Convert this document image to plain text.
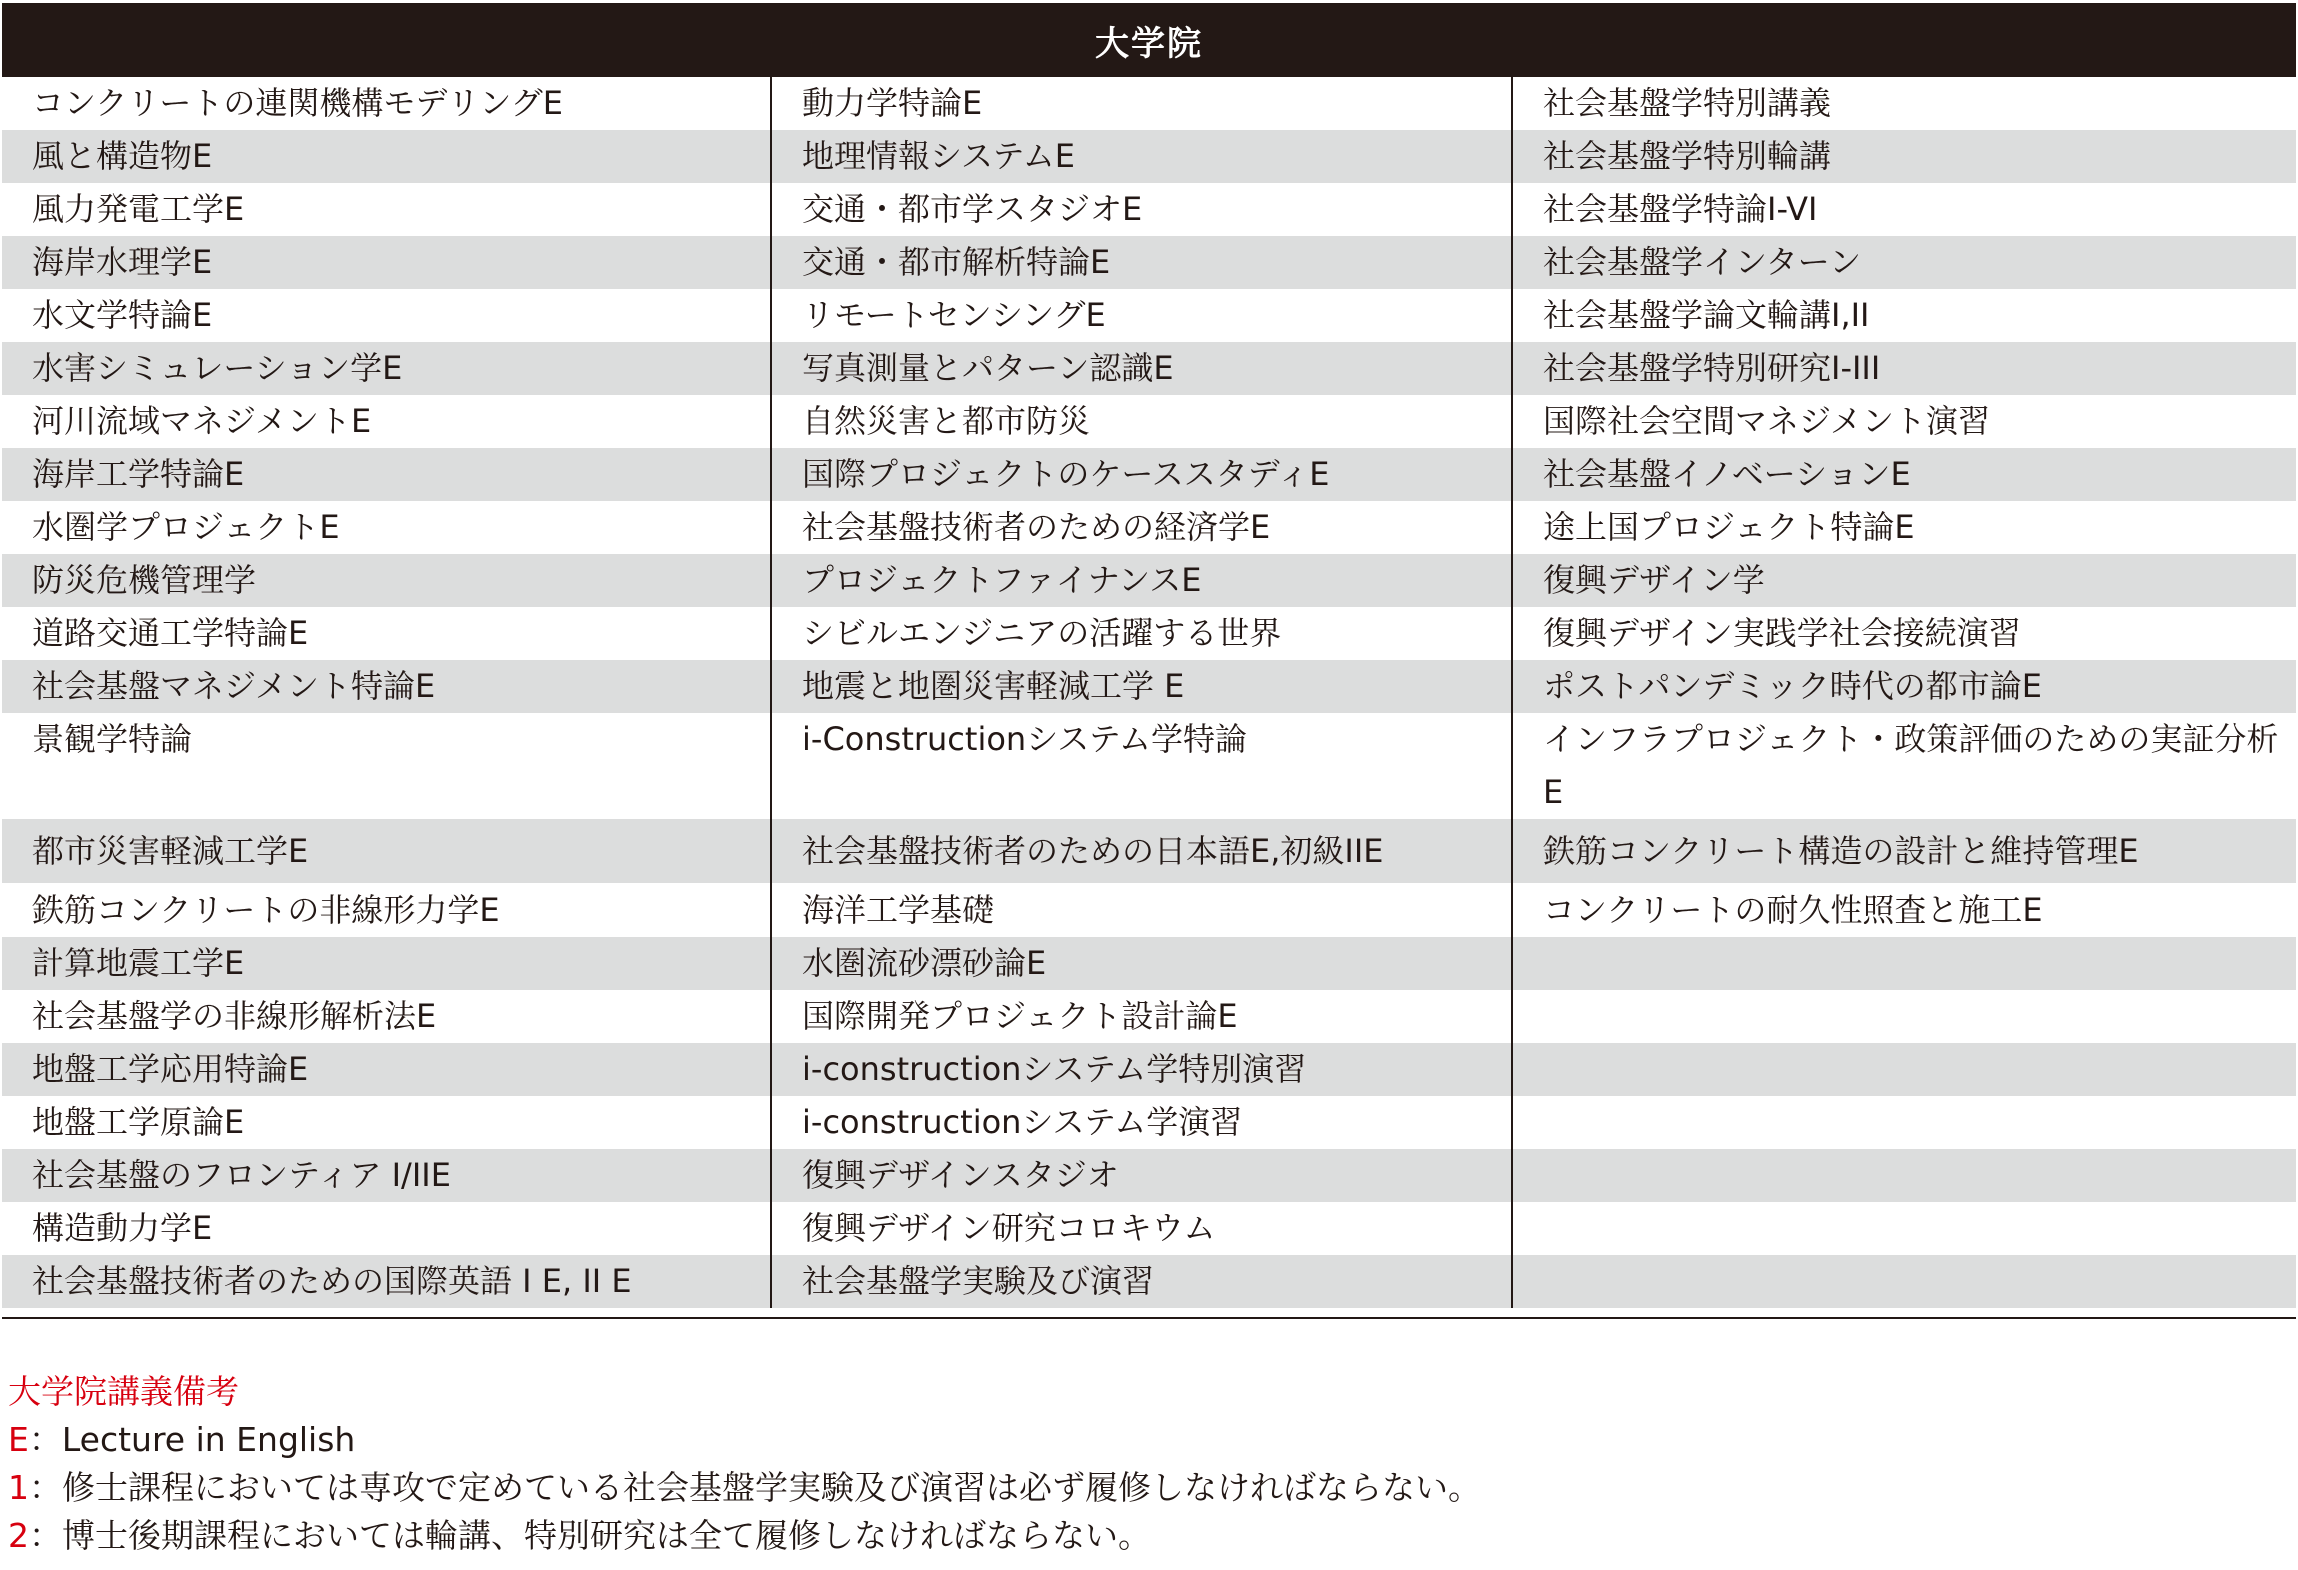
大学院
コンクリートの連関機構モデリングE
風と構造物E
風力発電工学E
海岸水理学E
水文学特論E
水害シミュレーション学E
河川流域マネジメントE
海岸工学特論E
水圏学プロジェクトE
防災危機管理学
道路交通工学特論E
社会基盤マネジメント特論E
景観学特論
都市災害軽減工学E
鉄筋コンクリートの非線形力学E
計算地震工学E
社会基盤学の非線形解析法E
地盤工学応用特論E
地盤工学原論E
社会基盤のフロンティア I/IIE
構造動力学E
社会基盤技術者のための国際英語 I E, II E
動力学特論E
地理情報システムE
交通・都市学スタジオE
交通・都市解析特論E
リモートセンシングE
写真測量とパターン認識E
自然災害と都市防災
国際プロジェクトのケーススタディE
社会基盤技術者のための経済学E
プロジェクトファイナンスE
シビルエンジニアの活躍する世界
地震と地圏災害軽減工学 E
i-Constructionシステム学特論
社会基盤技術者のための日本語E,初級IIE
海洋工学基礎
水圏流砂漂砂論E
国際開発プロジェクト設計論E
i-constructionシステム学特別演習
i-constructionシステム学演習
復興デザインスタジオ
復興デザイン研究コロキウム
社会基盤学実験及び演習
社会基盤学特別講義
社会基盤学特別輪講
社会基盤学特論I-VI
社会基盤学インターン
社会基盤学論文輪講I,II
社会基盤学特別研究I-III
国際社会空間マネジメント演習
社会基盤イノベーションE
途上国プロジェクト特論E
復興デザイン学
復興デザイン実践学社会接続演習
ポストパンデミック時代の都市論E
インフラプロジェクト・政策評価のための実証分析E
鉄筋コンクリート構造の設計と維持管理E
コンクリートの耐久性照査と施工E
大学院講義備考
E：Lecture in English
1：修士課程においては専攻で定めている社会基盤学実験及び演習は必ず履修しなければならない。
2：博士後期課程においては輪講、特別研究は全て履修しなければならない。
